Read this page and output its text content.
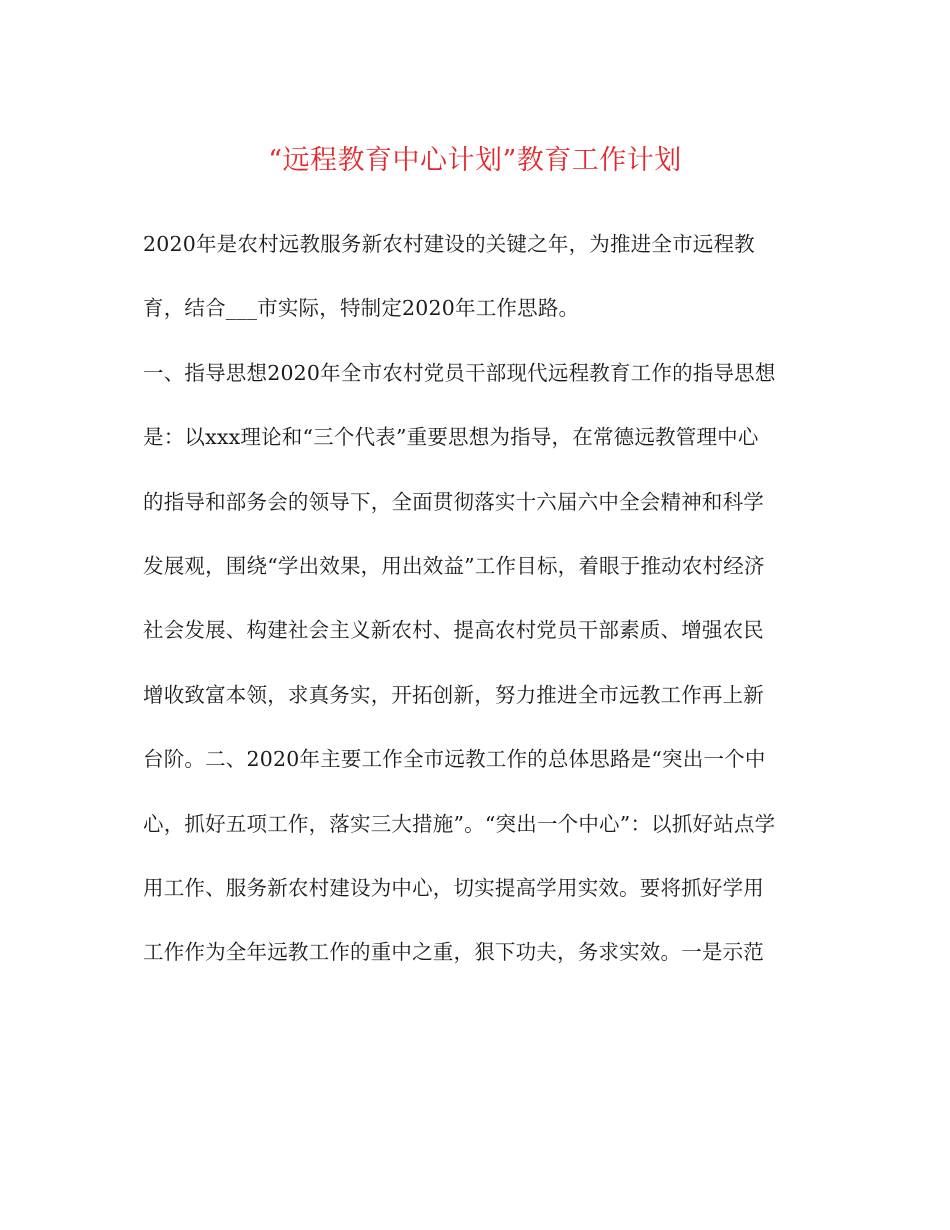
“远程教育中心计划”教育工作计划
2020年是农村远教服务新农村建设的关键之年，为推进全市远程教
育，结合___市实际，特制定2020年工作思路。
一、指导思想2020年全市农村党员干部现代远程教育工作的指导思想
是：以xxx理论和“三个代表”重要思想为指导，在常德远教管理中心
的指导和部务会的领导下，全面贯彻落实十六届六中全会精神和科学
发展观，围绕“学出效果，用出效益”工作目标，着眼于推动农村经济
社会发展、构建社会主义新农村、提高农村党员干部素质、增强农民
增收致富本领，求真务实，开拓创新，努力推进全市远教工作再上新
台阶。二、2020年主要工作全市远教工作的总体思路是“突出一个中
心，抓好五项工作，落实三大措施”。“突出一个中心”：以抓好站点学
用工作、服务新农村建设为中心，切实提高学用实效。要将抓好学用
工作作为全年远教工作的重中之重，狠下功夫，务求实效。一是示范
